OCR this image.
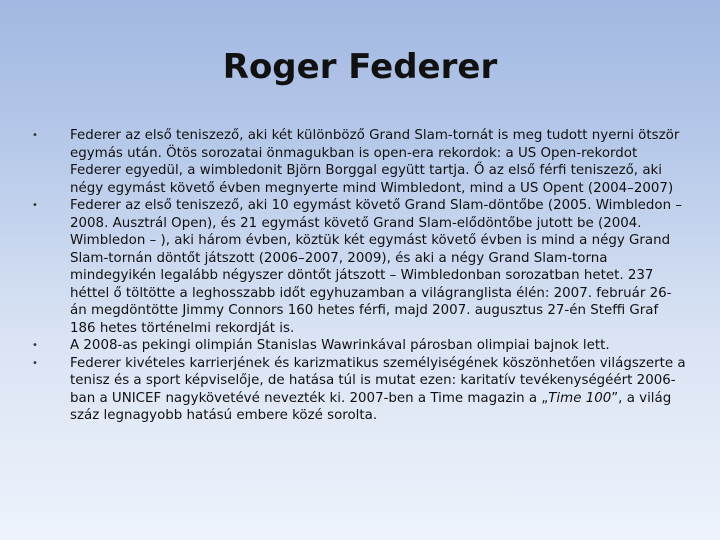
Roger Federer
•	Federer az első teniszező, aki két különböző Grand Slam-tornát is meg tudott nyerni ötször egymás után. Ötös sorozatai önmagukban is open-era rekordok: a US Open-rekordot Federer egyedül, a wimbledonit Björn Borggal együtt tartja. Ő az első férfi teniszező, aki négy egymást követő évben megnyerte mind Wimbledont, mind a US Opent (2004–2007)
•	Federer az első teniszező, aki 10 egymást követő Grand Slam-döntőbe (2005. Wimbledon – 2008. Ausztrál Open), és 21 egymást követő Grand Slam-elődöntőbe jutott be (2004. Wimbledon – ), aki három évben, köztük két egymást követő évben is mind a négy Grand Slam-tornán döntőt játszott (2006–2007, 2009), és aki a négy Grand Slam-torna mindegyikén legalább négyszer döntőt játszott – Wimbledonban sorozatban hetet. 237 héttel ő töltötte a leghosszabb időt egyhuzamban a világranglista élén: 2007. február 26-án megdöntötte Jimmy Connors 160 hetes férfi, majd 2007. augusztus 27-én Steffi Graf 186 hetes történelmi rekordját is.
•	A 2008-as pekingi olimpián Stanislas Wawrinkával párosban olimpiai bajnok lett.
•	Federer kivételes karrierjének és karizmatikus személyiségének köszönhetően világszerte a tenisz és a sport képviselője, de hatása túl is mutat ezen: karitatív tevékenységéért 2006-ban a UNICEF nagykövetévé nevezték ki. 2007-ben a Time magazin a „Time 100”, a világ száz legnagyobb hatású embere közé sorolta.
